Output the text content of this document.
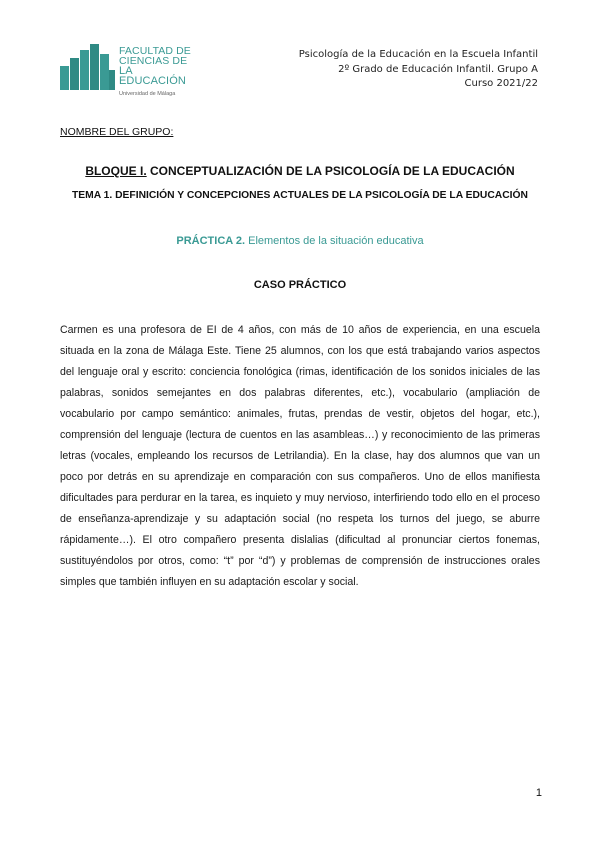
FACULTAD DE
CIENCIAS DE
LA EDUCACIÓN
Universidad de Málaga
Psicología de la Educación en la Escuela Infantil
2º Grado de Educación Infantil. Grupo A
Curso 2021/22
NOMBRE DEL GRUPO:
BLOQUE I. CONCEPTUALIZACIÓN DE LA PSICOLOGÍA DE LA EDUCACIÓN
TEMA 1. DEFINICIÓN Y CONCEPCIONES ACTUALES DE LA PSICOLOGÍA DE LA EDUCACIÓN
PRÁCTICA 2. Elementos de la situación educativa
CASO PRÁCTICO
Carmen es una profesora de EI de 4 años, con más de 10 años de experiencia, en una escuela situada en la zona de Málaga Este. Tiene 25 alumnos, con los que está trabajando varios aspectos del lenguaje oral y escrito: conciencia fonológica (rimas, identificación de los sonidos iniciales de las palabras, sonidos semejantes en dos palabras diferentes, etc.), vocabulario (ampliación de vocabulario por campo semántico: animales, frutas, prendas de vestir, objetos del hogar, etc.), comprensión del lenguaje (lectura de cuentos en las asambleas…) y reconocimiento de las primeras letras (vocales, empleando los recursos de Letrilandia). En la clase, hay dos alumnos que van un poco por detrás en su aprendizaje en comparación con sus compañeros. Uno de ellos manifiesta dificultades para perdurar en la tarea, es inquieto y muy nervioso, interfiriendo todo ello en el proceso de enseñanza-aprendizaje y su adaptación social (no respeta los turnos del juego, se aburre rápidamente…). El otro compañero presenta dislalias (dificultad al pronunciar ciertos fonemas, sustituyéndolos por otros, como: “t” por “d”) y problemas de comprensión de instrucciones orales simples que también influyen en su adaptación escolar y social.
1
